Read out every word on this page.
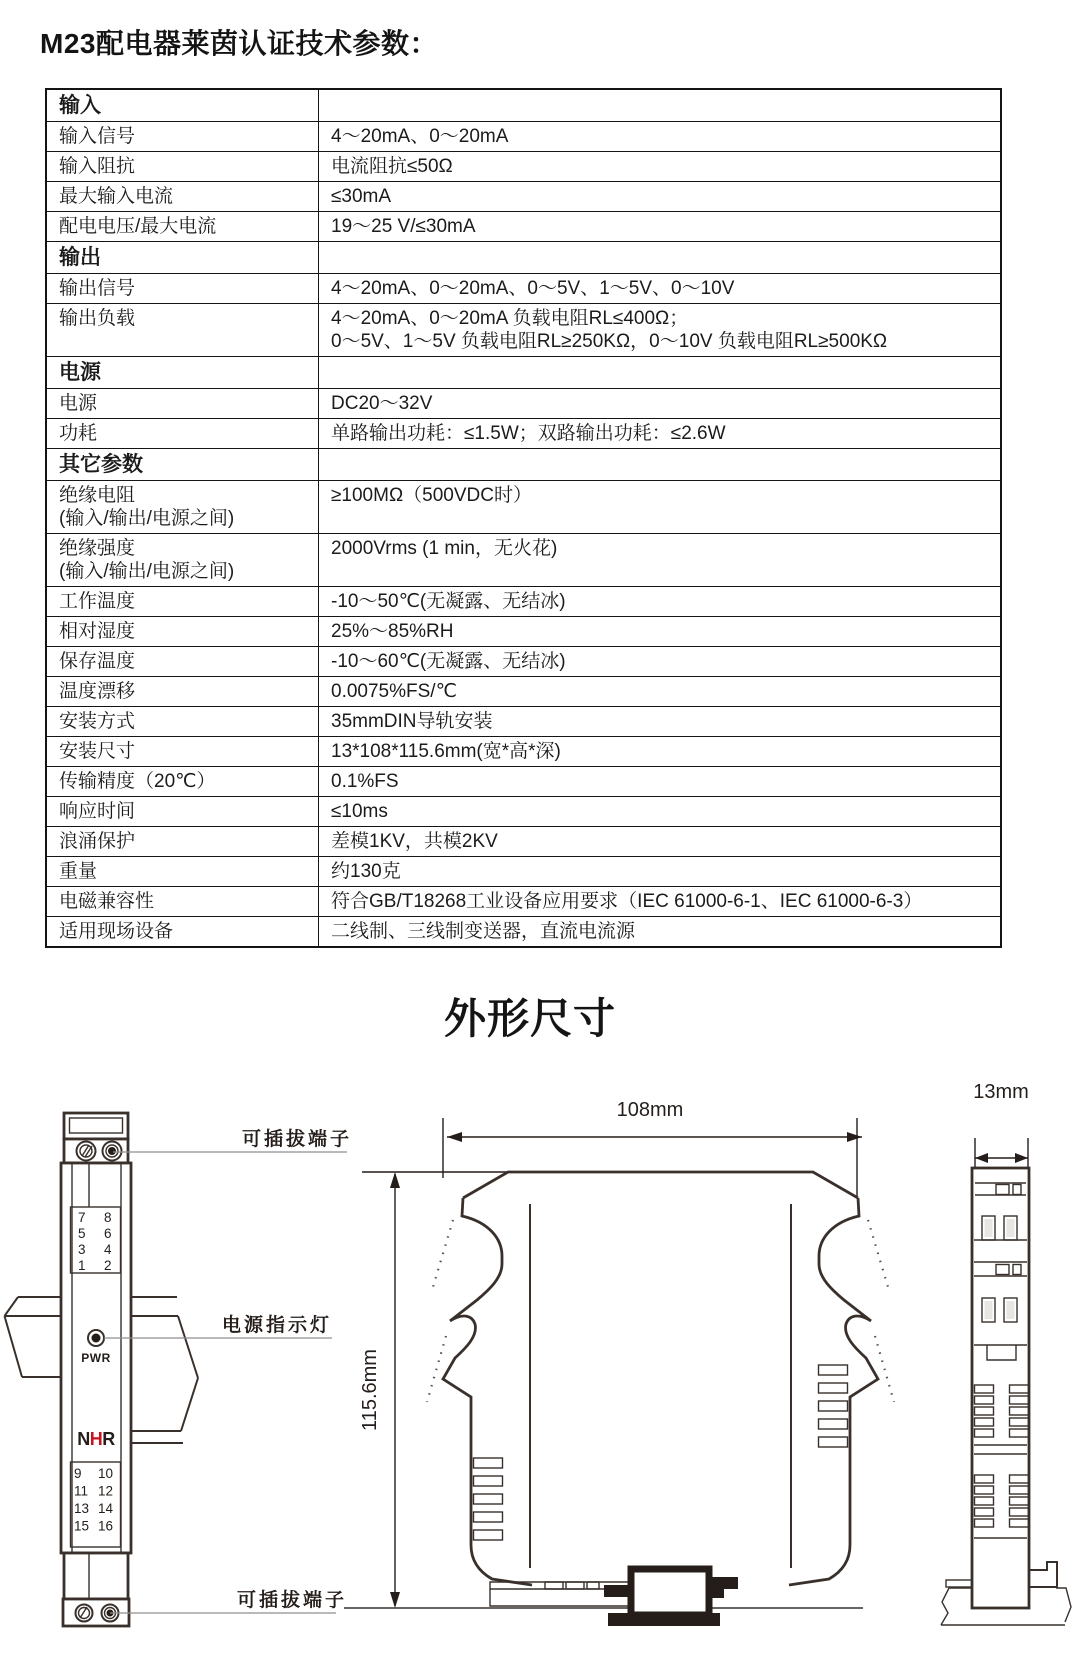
M23配电器莱茵认证技术参数：
输入	

输入信号	4～20mA、0～20mA

输入阻抗	电流阻抗≤50Ω

最大输入电流	≤30mA

配电电压/最大电流	19～25 V/≤30mA

输出	

输出信号	4～20mA、0～20mA、0～5V、1～5V、0～10V

输出负载	4～20mA、0～20mA 负载电阻RL≤400Ω；
0～5V、1～5V 负载电阻RL≥250KΩ，0～10V 负载电阻RL≥500KΩ

电源	

电源	DC20～32V

功耗	单路输出功耗：≤1.5W；双路输出功耗：≤2.6W

其它参数	

绝缘电阻
(输入/输出/电源之间)	≥100MΩ（500VDC时）

绝缘强度
(输入/输出/电源之间)	2000Vrms (1 min，无火花)

工作温度	-10～50℃(无凝露、无结冰)

相对湿度	25%～85%RH

保存温度	-10～60℃(无凝露、无结冰)

温度漂移	0.0075%FS/℃

安装方式	35mmDIN导轨安装

安装尺寸	13*108*115.6mm(宽*高*深)

传输精度（20℃）	0.1%FS

响应时间	≤10ms

浪涌保护	差模1KV，共模2KV

重量	约130克

电磁兼容性	符合GB/T18268工业设备应用要求（IEC 61000-6-1、IEC 61000-6-3）

适用现场设备	二线制、三线制变送器，直流电流源
外形尺寸
7 8
5 6
3 4
1 2
PWR
NHR
9 10
11 12
13 14
15 16
可插拔端子
电源指示灯
可插拔端子
108mm
115.6mm
13mm
